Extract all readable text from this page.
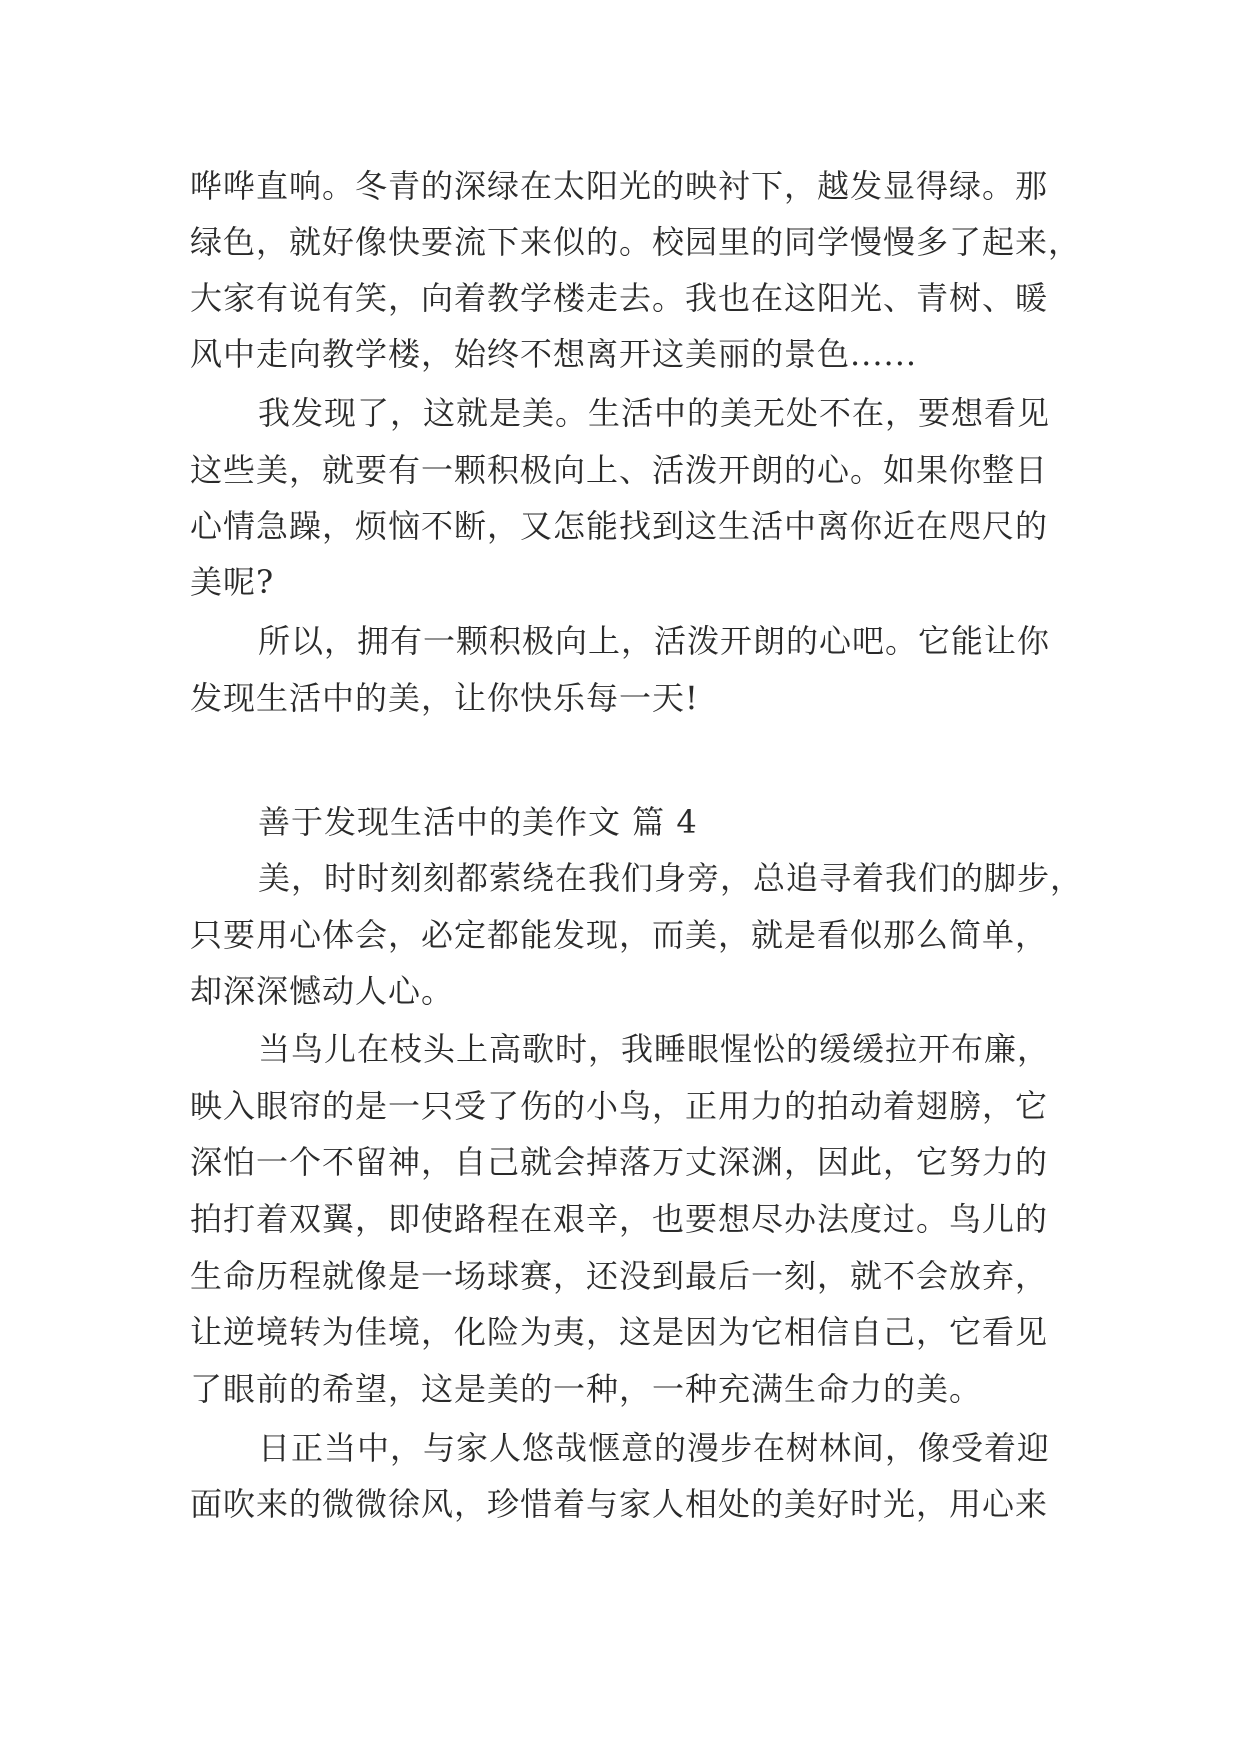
哗哗直响。冬青的深绿在太阳光的映衬下，越发显得绿。那
绿色，就好像快要流下来似的。校园里的同学慢慢多了起来，
大家有说有笑，向着教学楼走去。我也在这阳光、青树、暖
风中走向教学楼，始终不想离开这美丽的景色......
我发现了，这就是美。生活中的美无处不在，要想看见
这些美，就要有一颗积极向上、活泼开朗的心。如果你整日
心情急躁，烦恼不断，又怎能找到这生活中离你近在咫尺的
美呢?
所以，拥有一颗积极向上，活泼开朗的心吧。它能让你
发现生活中的美，让你快乐每一天!
善于发现生活中的美作文 篇 4
美，时时刻刻都萦绕在我们身旁，总追寻着我们的脚步，
只要用心体会，必定都能发现，而美，就是看似那么简单，
却深深憾动人心。
当鸟儿在枝头上高歌时，我睡眼惺忪的缓缓拉开布廉，
映入眼帘的是一只受了伤的小鸟，正用力的拍动着翅膀，它
深怕一个不留神，自己就会掉落万丈深渊，因此，它努力的
拍打着双翼，即使路程在艰辛，也要想尽办法度过。鸟儿的
生命历程就像是一场球赛，还没到最后一刻，就不会放弃，
让逆境转为佳境，化险为夷，这是因为它相信自己，它看见
了眼前的希望，这是美的一种，一种充满生命力的美。
日正当中，与家人悠哉惬意的漫步在树林间，像受着迎
面吹来的微微徐风，珍惜着与家人相处的美好时光，用心来
